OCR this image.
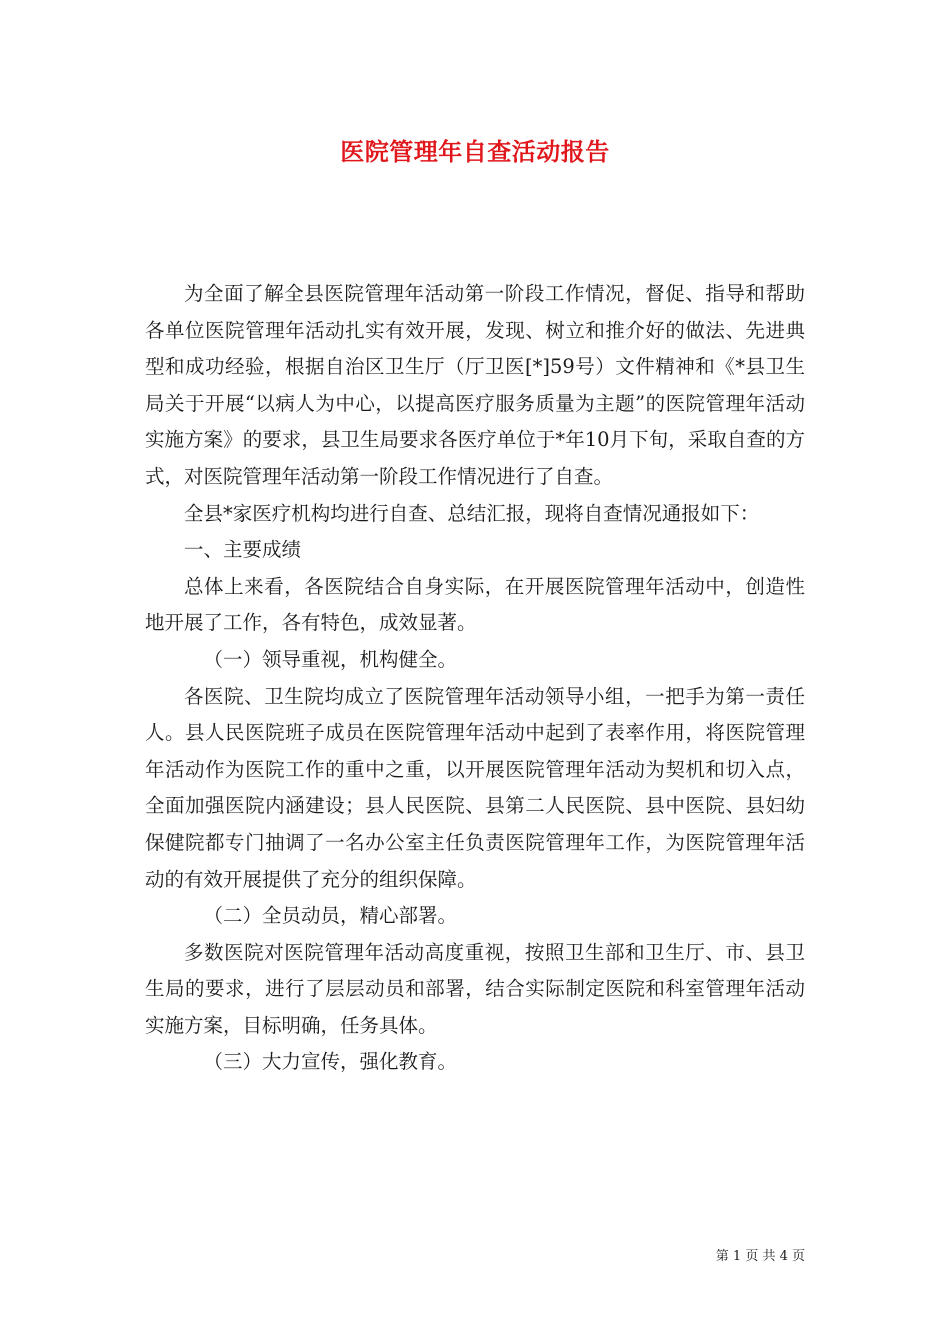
医院管理年自查活动报告

为全面了解全县医院管理年活动第一阶段工作情况，督促、指导和帮助各单位医院管理年活动扎实有效开展，发现、树立和推介好的做法、先进典型和成功经验，根据自治区卫生厅（厅卫医[*]59号）文件精神和《*县卫生局关于开展“以病人为中心，以提高医疗服务质量为主题”的医院管理年活动实施方案》的要求，县卫生局要求各医疗单位于*年10月下旬，采取自查的方式，对医院管理年活动第一阶段工作情况进行了自查。

全县*家医疗机构均进行自查、总结汇报，现将自查情况通报如下：

一、主要成绩

总体上来看，各医院结合自身实际，在开展医院管理年活动中，创造性地开展了工作，各有特色，成效显著。

（一）领导重视，机构健全。

各医院、卫生院均成立了医院管理年活动领导小组，一把手为第一责任人。县人民医院班子成员在医院管理年活动中起到了表率作用，将医院管理年活动作为医院工作的重中之重，以开展医院管理年活动为契机和切入点，全面加强医院内涵建设；县人民医院、县第二人民医院、县中医院、县妇幼保健院都专门抽调了一名办公室主任负责医院管理年工作，为医院管理年活动的有效开展提供了充分的组织保障。

（二）全员动员，精心部署。

多数医院对医院管理年活动高度重视，按照卫生部和卫生厅、市、县卫生局的要求，进行了层层动员和部署，结合实际制定医院和科室管理年活动实施方案，目标明确，任务具体。

（三）大力宣传，强化教育。

第 1 页 共 4 页
